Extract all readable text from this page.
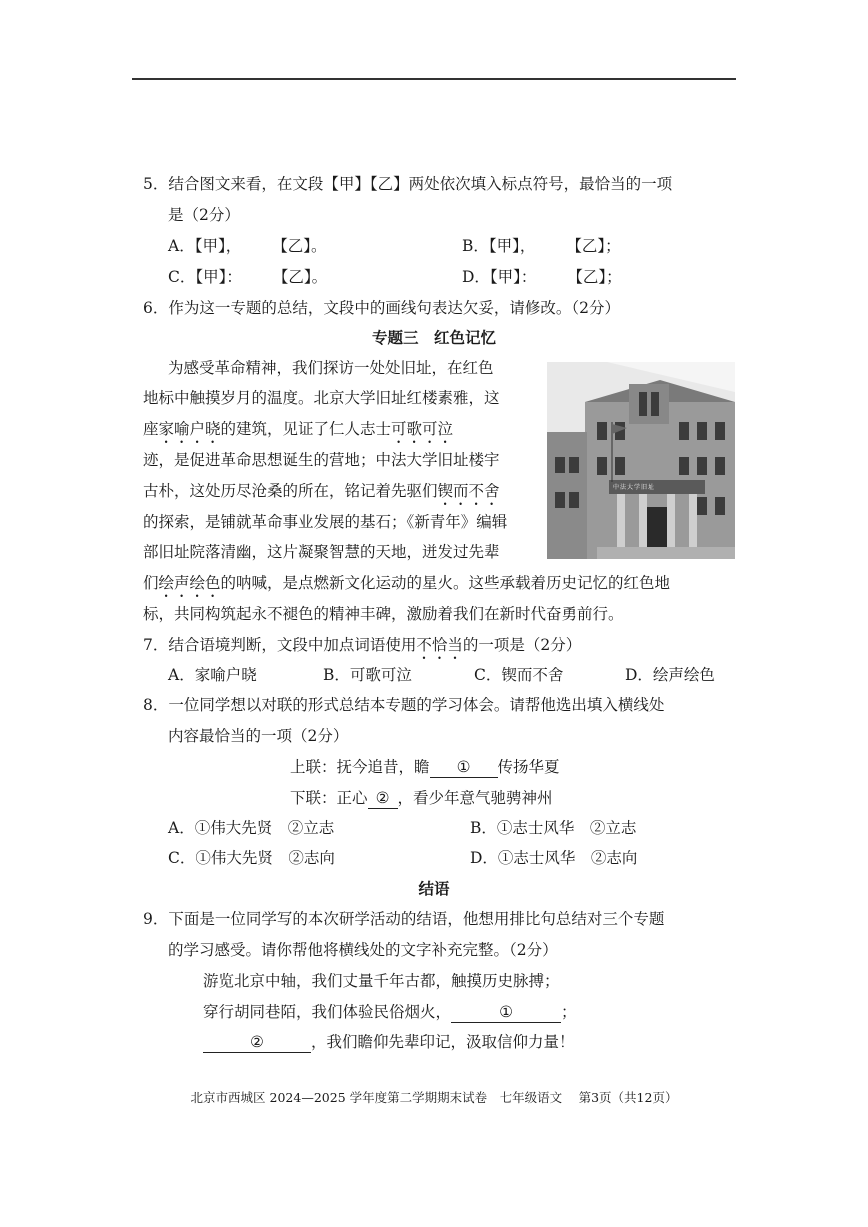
5．结合图文来看，在文段【甲】【乙】两处依次填入标点符号，最恰当的一项
是（2分）
A．【甲】，　　　【乙】。	B．【甲】，　　　【乙】；
C．【甲】：　　　【乙】。	D．【甲】：　　　【乙】；
6．作为这一专题的总结，文段中的画线句表达欠妥，请修改。（2分）
专题三　红色记忆
为感受革命精神，我们探访一处处旧址，在红色
地标中触摸岁月的温度。北京大学旧址红楼素雅，这
座家喻户晓的建筑，见证了仁人志士可歌可泣
迹，是促进革命思想诞生的营地；中法大学旧址楼宇
古朴，这处历尽沧桑的所在，铭记着先驱们锲而不舍
的探索，是铺就革命事业发展的基石；《新青年》编辑
部旧址院落清幽，这片凝聚智慧的天地，迸发过先辈
们绘声绘色的呐喊，是点燃新文化运动的星火。这些承载着历史记忆的红色地
标，共同构筑起永不褪色的精神丰碑，激励着我们在新时代奋勇前行。
中法大学旧址
7．结合语境判断，文段中加点词语使用不恰当的一项是（2分）
A．家喻户晓	B．可歌可泣	C．锲而不舍	D．绘声绘色
8．一位同学想以对联的形式总结本专题的学习体会。请帮他选出填入横线处
内容最恰当的一项（2分）
上联：抚今追昔，瞻 ① 传扬华夏
下联：正心 ② ，看少年意气驰骋神州
A．①伟大先贤　②立志	B．①志士风华　②立志
C．①伟大先贤　②志向	D．①志士风华　②志向
结语
9．下面是一位同学写的本次研学活动的结语，他想用排比句总结对三个专题
的学习感受。请你帮他将横线处的文字补充完整。（2分）
游览北京中轴，我们丈量千年古都，触摸历史脉搏；
穿行胡同巷陌，我们体验民俗烟火，	①	；
②	，我们瞻仰先辈印记，汲取信仰力量！
北京市西城区 2024—2025 学年度第二学期期末试卷　七年级语文　 第3页（共12页）
